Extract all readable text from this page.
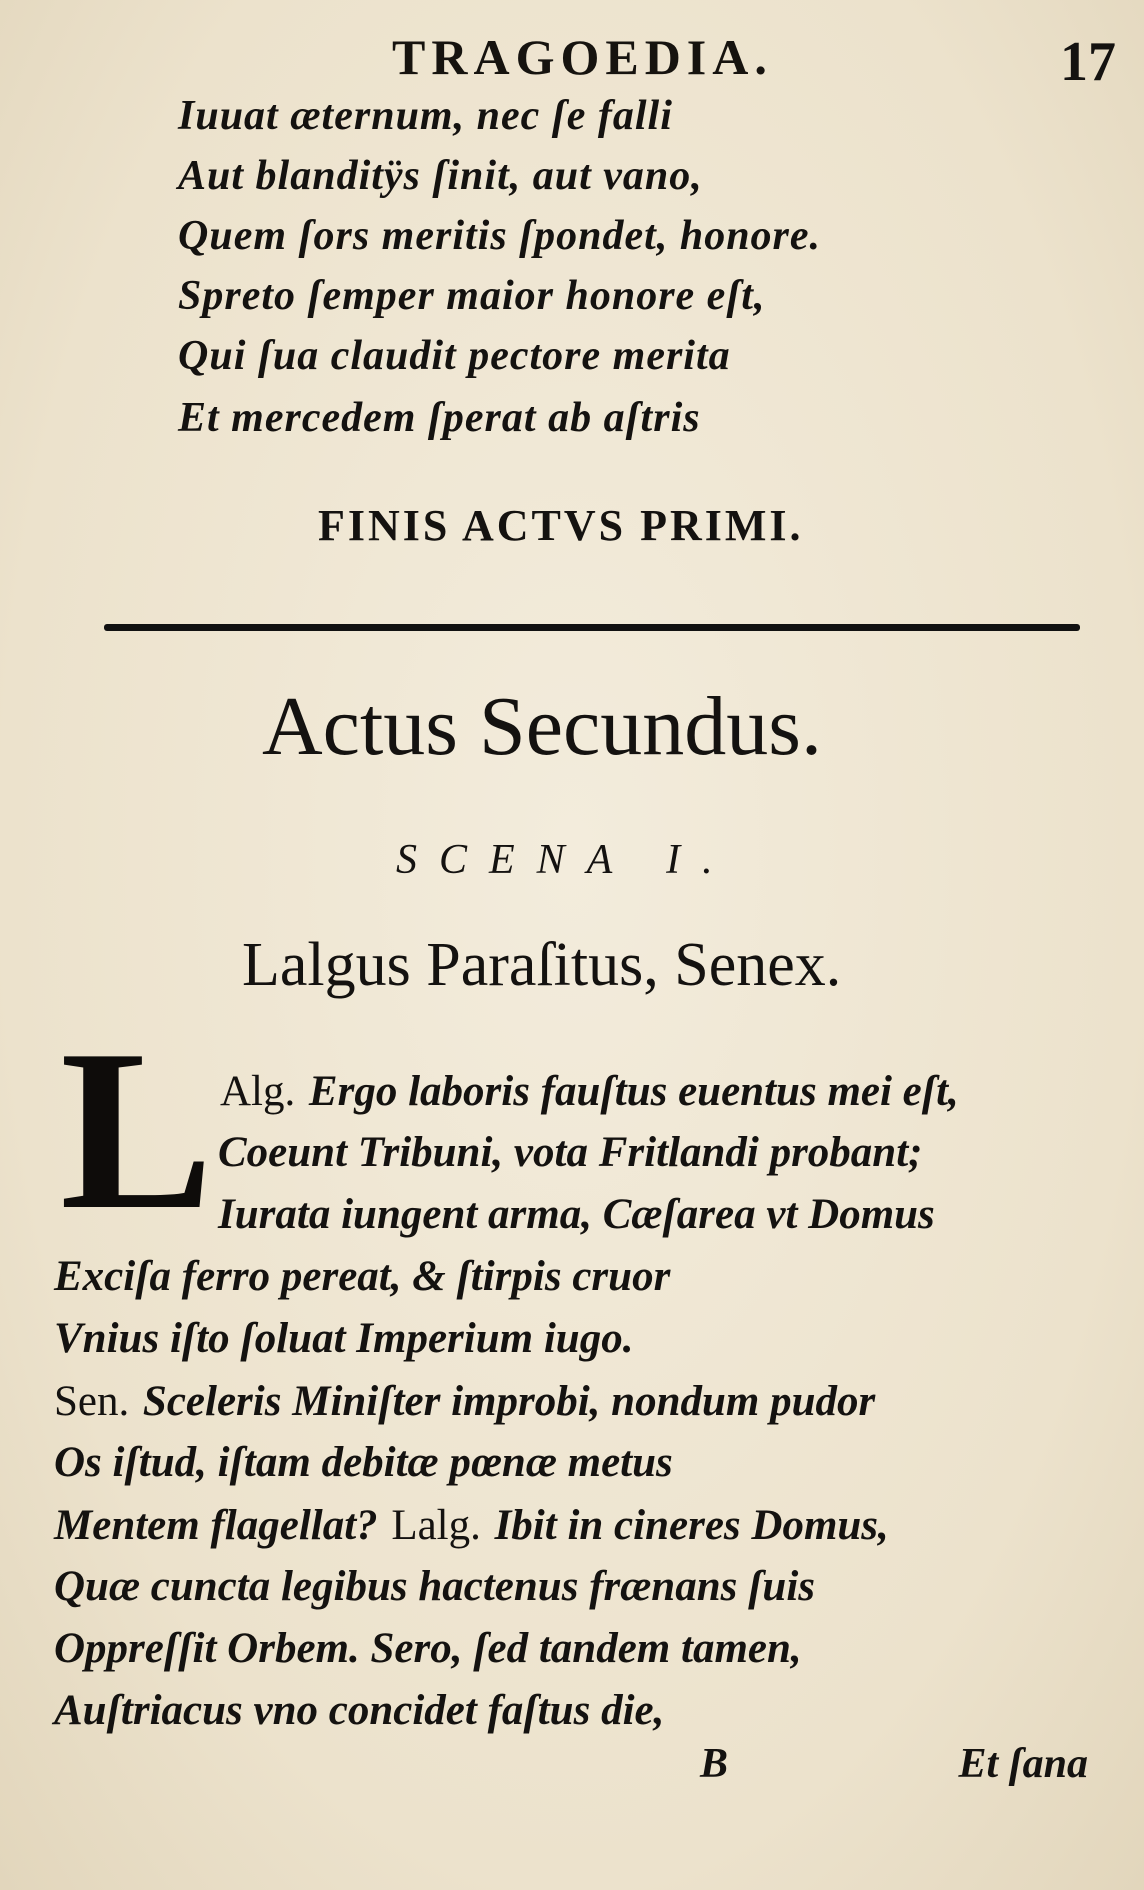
TRAGOEDIA.	17
Iuuat æternum, nec ſe falli
Aut blanditÿs ſinit, aut vano,
Quem ſors meritis ſpondet, honore.
Spreto ſemper maior honore eſt,
Qui ſua claudit pectore merita
Et mercedem ſperat ab aſtris
FINIS ACTVS PRIMI.
Actus Secundus.
SCENA I.
Lalgus Paraſitus, Senex.
L Alg. Ergo laboris fauſtus euentus mei eſt,
Coeunt Tribuni, vota Fritlandi probant;
Iurata iungent arma, Cæſarea vt Domus
Exciſa ferro pereat, & ſtirpis cruor
Vnius iſto ſoluat Imperium iugo.
Sen. Sceleris Miniſter improbi, nondum pudor
Os iſtud, iſtam debitæ pœnæ metus
Mentem flagellat? Lalg. Ibit in cineres Domus,
Quæ cuncta legibus hactenus frænans ſuis
Oppreſſit Orbem. Sero, ſed tandem tamen,
Auſtriacus vno concidet faſtus die,
B	Et ſana
